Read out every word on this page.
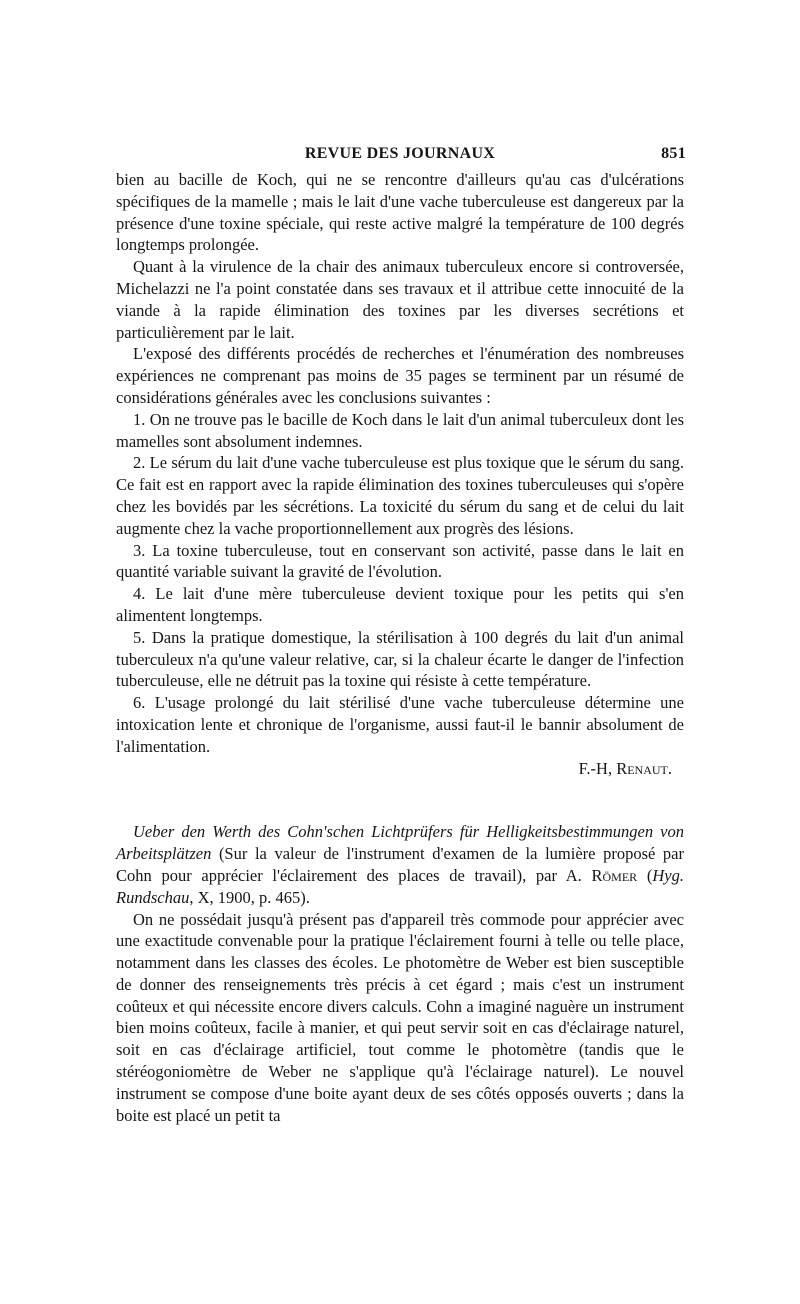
REVUE DES JOURNAUX	851

bien au bacille de Koch, qui ne se rencontre d'ailleurs qu'au cas d'ulcérations spécifiques de la mamelle ; mais le lait d'une vache tuberculeuse est dangereux par la présence d'une toxine spéciale, qui reste active malgré la température de 100 degrés longtemps prolongée.

Quant à la virulence de la chair des animaux tuberculeux encore si controversée, Michelazzi ne l'a point constatée dans ses travaux et il attribue cette innocuité de la viande à la rapide élimination des toxines par les diverses secrétions et particulièrement par le lait.

L'exposé des différents procédés de recherches et l'énumération des nombreuses expériences ne comprenant pas moins de 35 pages se terminent par un résumé de considérations générales avec les conclusions suivantes :

1. On ne trouve pas le bacille de Koch dans le lait d'un animal tuberculeux dont les mamelles sont absolument indemnes.

2. Le sérum du lait d'une vache tuberculeuse est plus toxique que le sérum du sang. Ce fait est en rapport avec la rapide élimination des toxines tuberculeuses qui s'opère chez les bovidés par les sécrétions. La toxicité du sérum du sang et de celui du lait augmente chez la vache proportionnellement aux progrès des lésions.

3. La toxine tuberculeuse, tout en conservant son activité, passe dans le lait en quantité variable suivant la gravité de l'évolution.

4. Le lait d'une mère tuberculeuse devient toxique pour les petits qui s'en alimentent longtemps.

5. Dans la pratique domestique, la stérilisation à 100 degrés du lait d'un animal tuberculeux n'a qu'une valeur relative, car, si la chaleur écarte le danger de l'infection tuberculeuse, elle ne détruit pas la toxine qui résiste à cette température.

6. L'usage prolongé du lait stérilisé d'une vache tuberculeuse détermine une intoxication lente et chronique de l'organisme, aussi faut-il le bannir absolument de l'alimentation.

F.-H, Renaut.

Ueber den Werth des Cohn'schen Lichtprüfers für Helligkeitsbestimmungen von Arbeitsplätzen (Sur la valeur de l'instrument d'examen de la lumière proposé par Cohn pour apprécier l'éclairement des places de travail), par A. Römer (Hyg. Rundschau, X, 1900, p. 465).

On ne possédait jusqu'à présent pas d'appareil très commode pour apprécier avec une exactitude convenable pour la pratique l'éclairement fourni à telle ou telle place, notamment dans les classes des écoles. Le photomètre de Weber est bien susceptible de donner des renseignements très précis à cet égard ; mais c'est un instrument coûteux et qui nécessite encore divers calculs. Cohn a imaginé naguère un instrument bien moins coûteux, facile à manier, et qui peut servir soit en cas d'éclairage naturel, soit en cas d'éclairage artificiel, tout comme le photomètre (tandis que le stéréogoniomètre de Weber ne s'applique qu'à l'éclairage naturel). Le nouvel instrument se compose d'une boite ayant deux de ses côtés opposés ouverts ; dans la boite est placé un petit ta
